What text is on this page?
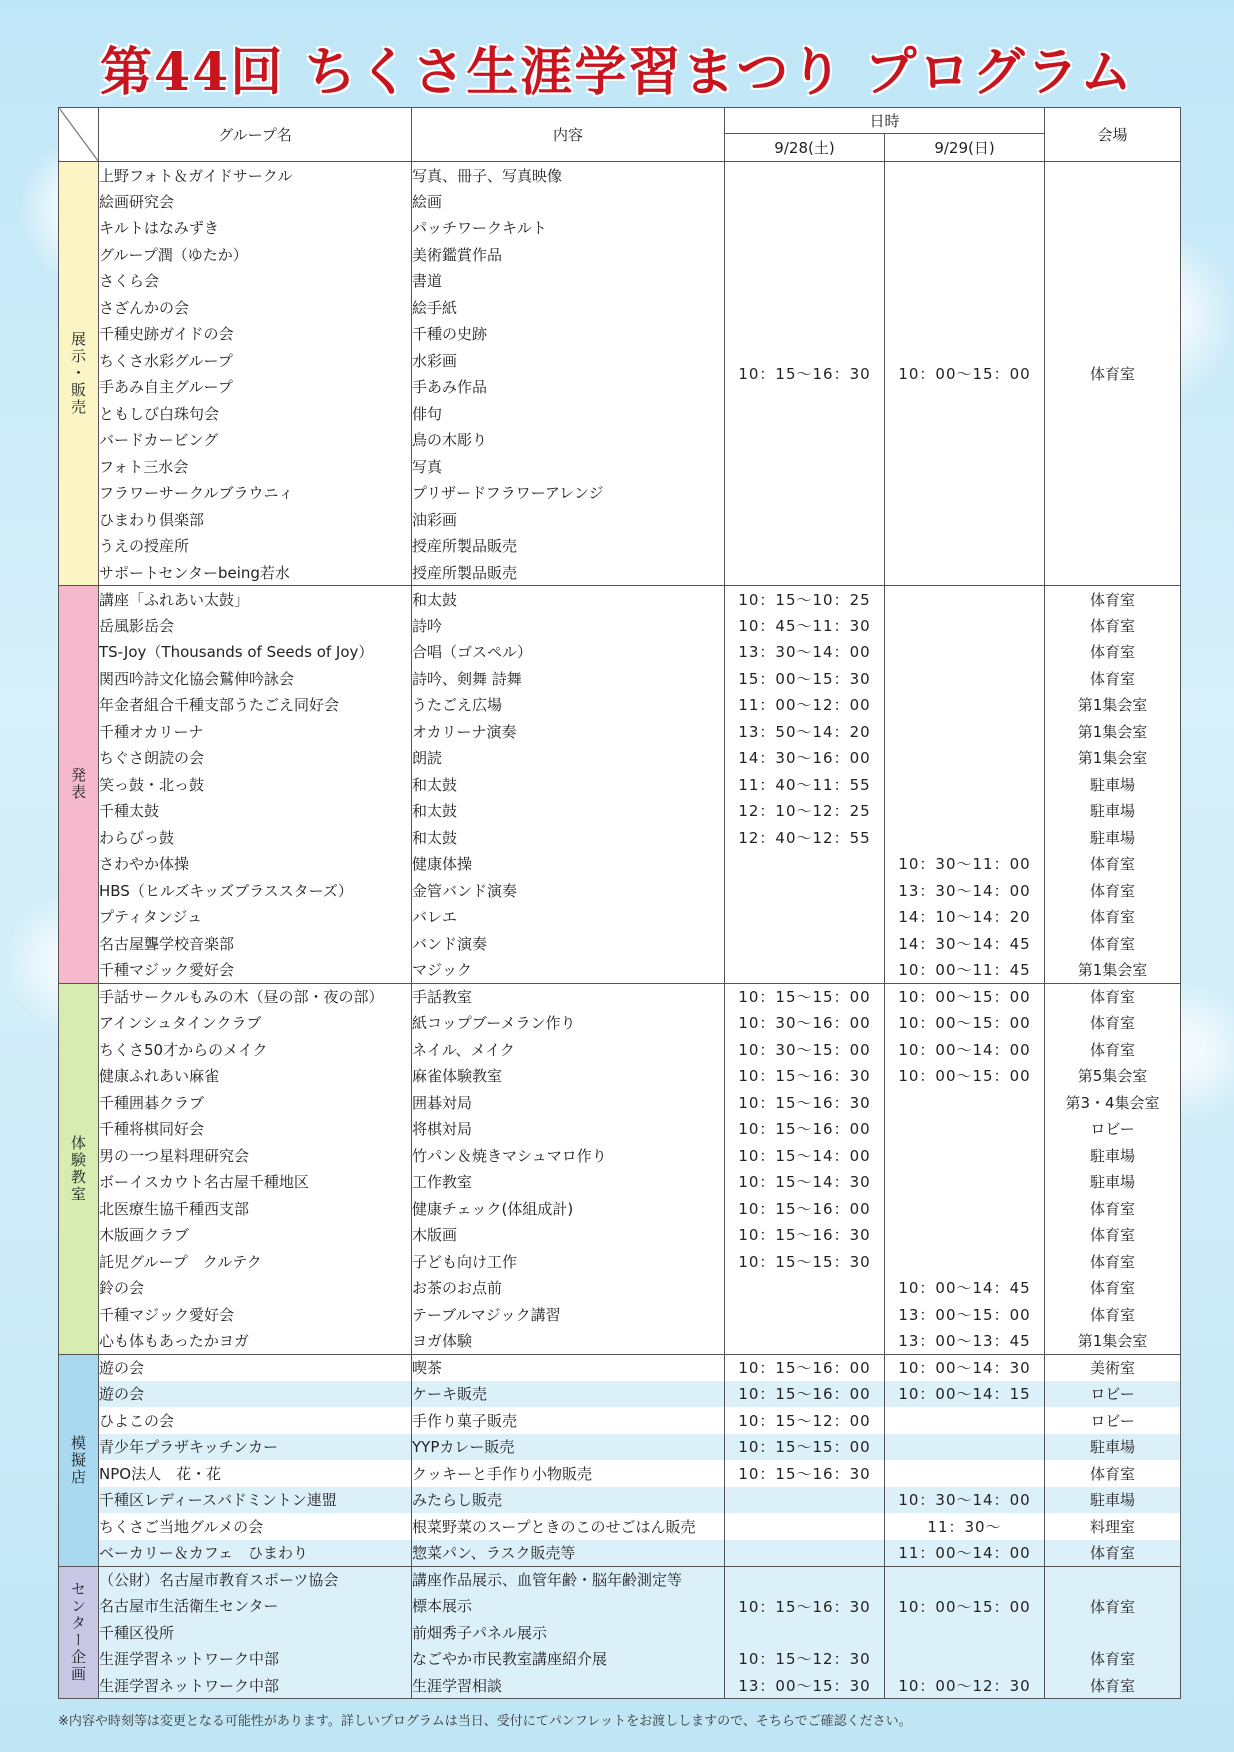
第44回 ちくさ生涯学習まつり プログラム
	グループ名	内容	日時		会場
			9/28(土)	9/29(日)	
展示・販売	上野フォト＆ガイドサークル	写真、冊子、写真映像	10：15〜16：30	10：00〜15：00	体育室
	絵画研究会	絵画			
	キルトはなみずき	パッチワークキルト			
	グループ潤（ゆたか）	美術鑑賞作品			
	さくら会	書道			
	さざんかの会	絵手紙			
	千種史跡ガイドの会	千種の史跡			
	ちくさ水彩グループ	水彩画			
	手あみ自主グループ	手あみ作品			
	ともしび白珠句会	俳句			
	バードカービング	鳥の木彫り			
	フォト三水会	写真			
	フラワーサークルブラウニィ	プリザードフラワーアレンジ			
	ひまわり倶楽部	油彩画			
	うえの授産所	授産所製品販売			
	サポートセンターbeing若水	授産所製品販売			
発表	講座「ふれあい太鼓」	和太鼓	10：15〜10：25		体育室
	岳風影岳会	詩吟	10：45〜11：30		体育室
	TS-Joy（Thousands of Seeds of Joy）	合唱（ゴスペル）	13：30〜14：00		体育室
	関西吟詩文化協会鷲伸吟詠会	詩吟、剣舞 詩舞	15：00〜15：30		体育室
	年金者組合千種支部うたごえ同好会	うたごえ広場	11：00〜12：00		第1集会室
	千種オカリーナ	オカリーナ演奏	13：50〜14：20		第1集会室
	ちぐさ朗読の会	朗読	14：30〜16：00		第1集会室
	笑っ鼓・北っ鼓	和太鼓	11：40〜11：55		駐車場
	千種太鼓	和太鼓	12：10〜12：25		駐車場
	わらびっ鼓	和太鼓	12：40〜12：55		駐車場
	さわやか体操	健康体操		10：30〜11：00	体育室
	HBS（ヒルズキッズブラススターズ）	金管バンド演奏		13：30〜14：00	体育室
	プティタンジュ	バレエ		14：10〜14：20	体育室
	名古屋聾学校音楽部	バンド演奏		14：30〜14：45	体育室
	千種マジック愛好会	マジック		10：00〜11：45	第1集会室
体験教室	手話サークルもみの木（昼の部・夜の部）	手話教室	10：15〜15：00	10：00〜15：00	体育室
	アインシュタインクラブ	紙コップブーメラン作り	10：30〜16：00	10：00〜15：00	体育室
	ちくさ50才からのメイク	ネイル、メイク	10：30〜15：00	10：00〜14：00	体育室
	健康ふれあい麻雀	麻雀体験教室	10：15〜16：30	10：00〜15：00	第5集会室
	千種囲碁クラブ	囲碁対局	10：15〜16：30		第3・4集会室
	千種将棋同好会	将棋対局	10：15〜16：00		ロビー
	男の一つ星料理研究会	竹パン＆焼きマシュマロ作り	10：15〜14：00		駐車場
	ボーイスカウト名古屋千種地区	工作教室	10：15〜14：30		駐車場
	北医療生協千種西支部	健康チェック(体組成計)	10：15〜16：00		体育室
	木版画クラブ	木版画	10：15〜16：30		体育室
	託児グループ　クルテク	子ども向け工作	10：15〜15：30		体育室
	鈴の会	お茶のお点前		10：00〜14：45	体育室
	千種マジック愛好会	テーブルマジック講習		13：00〜15：00	体育室
	心も体もあったかヨガ	ヨガ体験		13：00〜13：45	第1集会室
模擬店	遊の会	喫茶	10：15〜16：00	10：00〜14：30	美術室
	遊の会	ケーキ販売	10：15〜16：00	10：00〜14：15	ロビー
	ひよこの会	手作り菓子販売	10：15〜12：00		ロビー
	青少年プラザキッチンカー	YYPカレー販売	10：15〜15：00		駐車場
	NPO法人　花・花	クッキーと手作り小物販売	10：15〜16：30		体育室
	千種区レディースバドミントン連盟	みたらし販売		10：30〜14：00	駐車場
	ちくさご当地グルメの会	根菜野菜のスープときのこのせごはん販売		11：30〜	料理室
	ベーカリー＆カフェ　ひまわり	惣菜パン、ラスク販売等		11：00〜14：00	体育室
センター企画	（公財）名古屋市教育スポーツ協会	講座作品展示、血管年齢・脳年齢測定等	10：15〜16：30	10：00〜15：00	体育室
	名古屋市生活衛生センター	標本展示			
	千種区役所	前畑秀子パネル展示			
	生涯学習ネットワーク中部	なごやか市民教室講座紹介展	10：15〜12：30		体育室
	生涯学習ネットワーク中部	生涯学習相談	13：00〜15：30	10：00〜12：30	体育室
※内容や時刻等は変更となる可能性があります。詳しいプログラムは当日、受付にてパンフレットをお渡ししますので、そちらでご確認ください。
